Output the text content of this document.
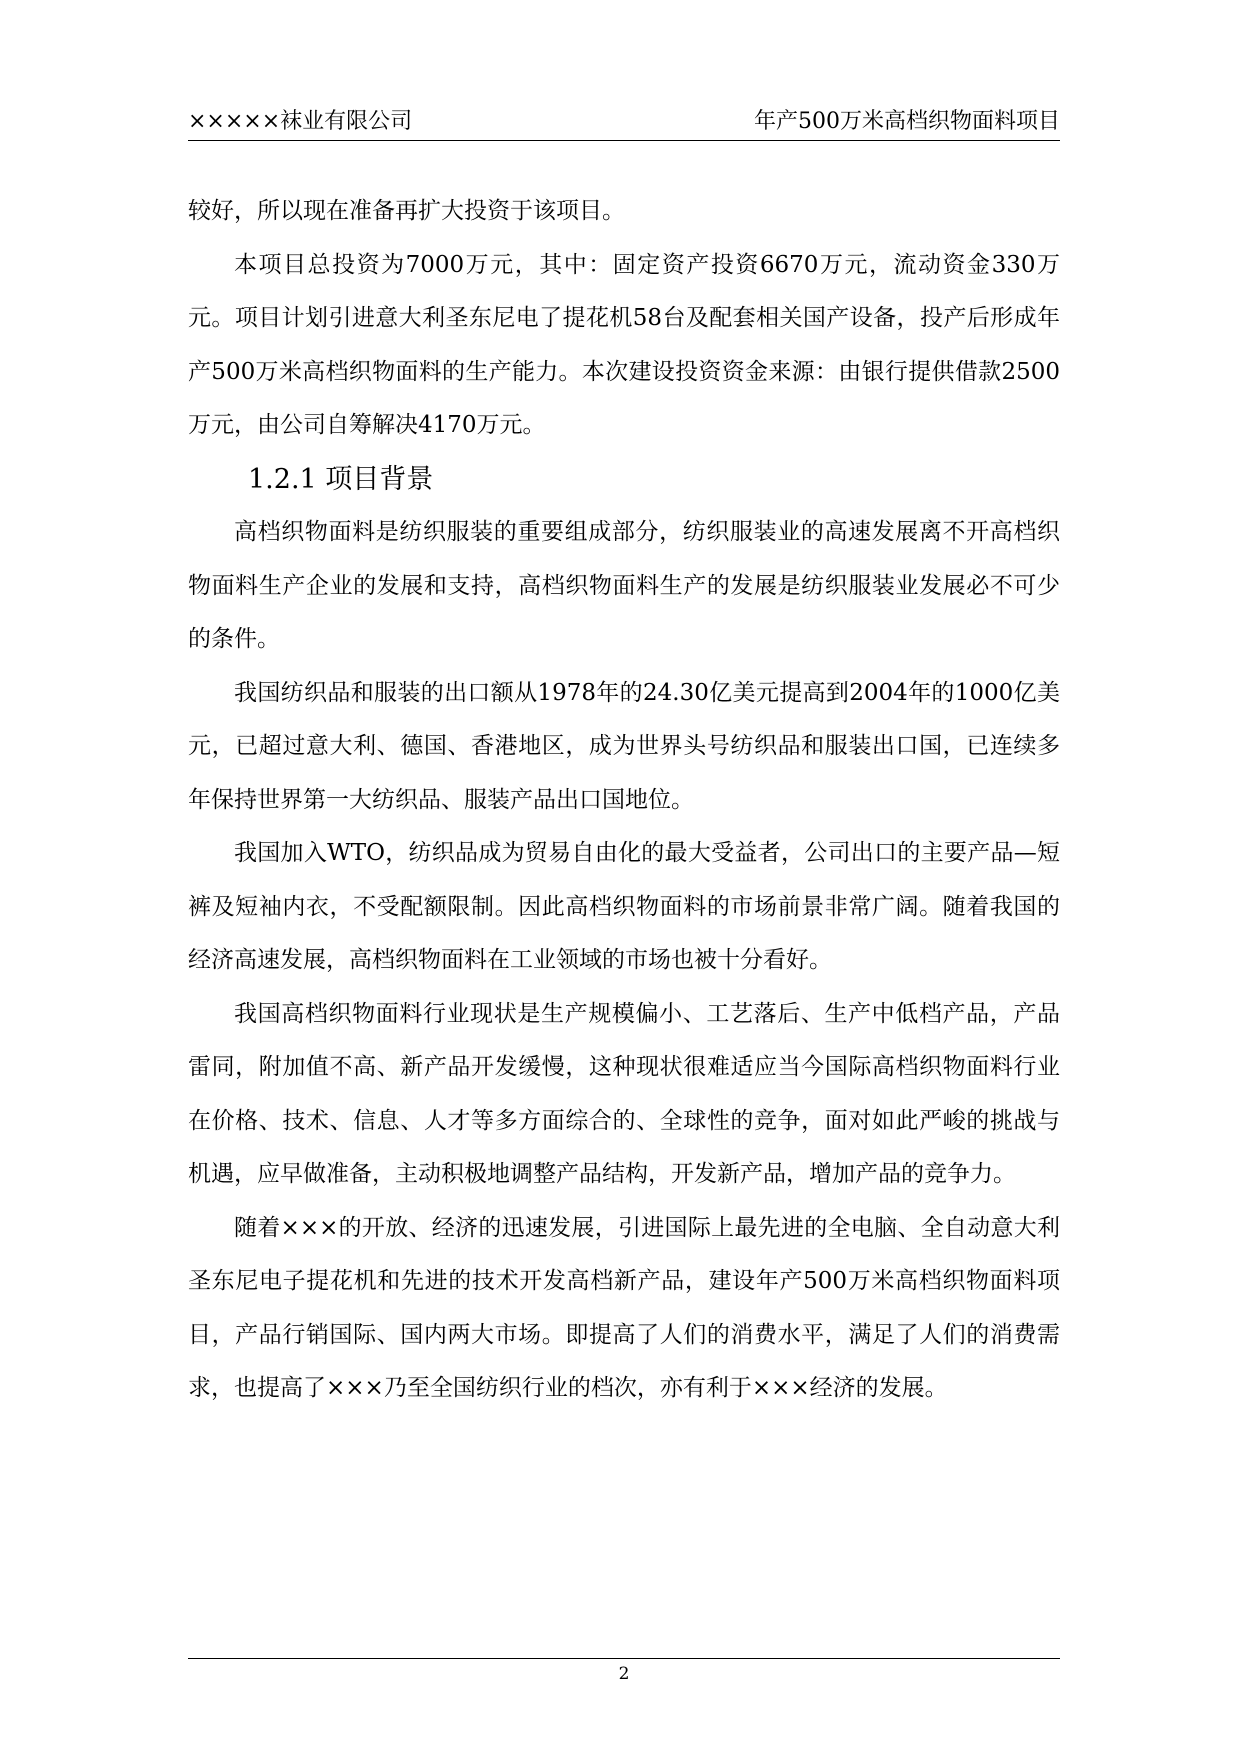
×××××袜业有限公司	年产500万米高档织物面料项目

较好，所以现在准备再扩大投资于该项目。

本项目总投资为7000万元，其中：固定资产投资6670万元，流动资金330万元。项目计划引进意大利圣东尼电了提花机58台及配套相关国产设备，投产后形成年产500万米高档织物面料的生产能力。本次建设投资资金来源：由银行提供借款2500万元，由公司自筹解决4170万元。

1.2.1 项目背景

高档织物面料是纺织服装的重要组成部分，纺织服装业的高速发展离不开高档织物面料生产企业的发展和支持，高档织物面料生产的发展是纺织服装业发展必不可少的条件。

我国纺织品和服装的出口额从1978年的24.30亿美元提高到2004年的1000亿美元，已超过意大利、德国、香港地区，成为世界头号纺织品和服装出口国，已连续多年保持世界第一大纺织品、服装产品出口国地位。

我国加入WTO，纺织品成为贸易自由化的最大受益者，公司出口的主要产品—短裤及短袖内衣，不受配额限制。因此高档织物面料的市场前景非常广阔。随着我国的经济高速发展，高档织物面料在工业领域的市场也被十分看好。

我国高档织物面料行业现状是生产规模偏小、工艺落后、生产中低档产品，产品雷同，附加值不高、新产品开发缓慢，这种现状很难适应当今国际高档织物面料行业在价格、技术、信息、人才等多方面综合的、全球性的竞争，面对如此严峻的挑战与机遇，应早做准备，主动积极地调整产品结构，开发新产品，增加产品的竞争力。

随着×××的开放、经济的迅速发展，引进国际上最先进的全电脑、全自动意大利圣东尼电子提花机和先进的技术开发高档新产品，建设年产500万米高档织物面料项目，产品行销国际、国内两大市场。即提高了人们的消费水平，满足了人们的消费需求，也提高了×××乃至全国纺织行业的档次，亦有利于×××经济的发展。

2
